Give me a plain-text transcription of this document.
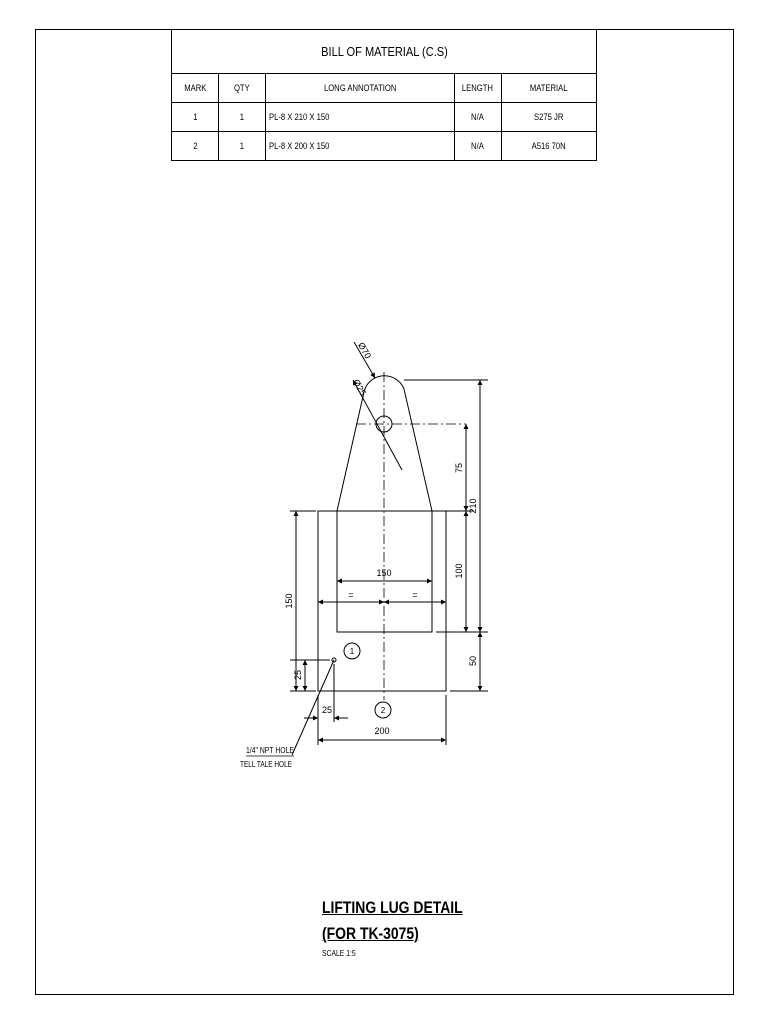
BILL OF MATERIAL (C.S)				
MARK	QTY	LONG ANNOTATION	LENGTH	MATERIAL
1	1	PL-8 X 210 X 150	N/A	S275 JR
2	1	PL-8 X 200 X 150	N/A	A516 70N
Ø70
Ø25
75
210
100
50
150
=	=
150
25
25
200
1
2
1/4" NPT HOLE
TELL TALE HOLE
LIFTING LUG DETAIL
(FOR TK-3075)
SCALE 1:5
